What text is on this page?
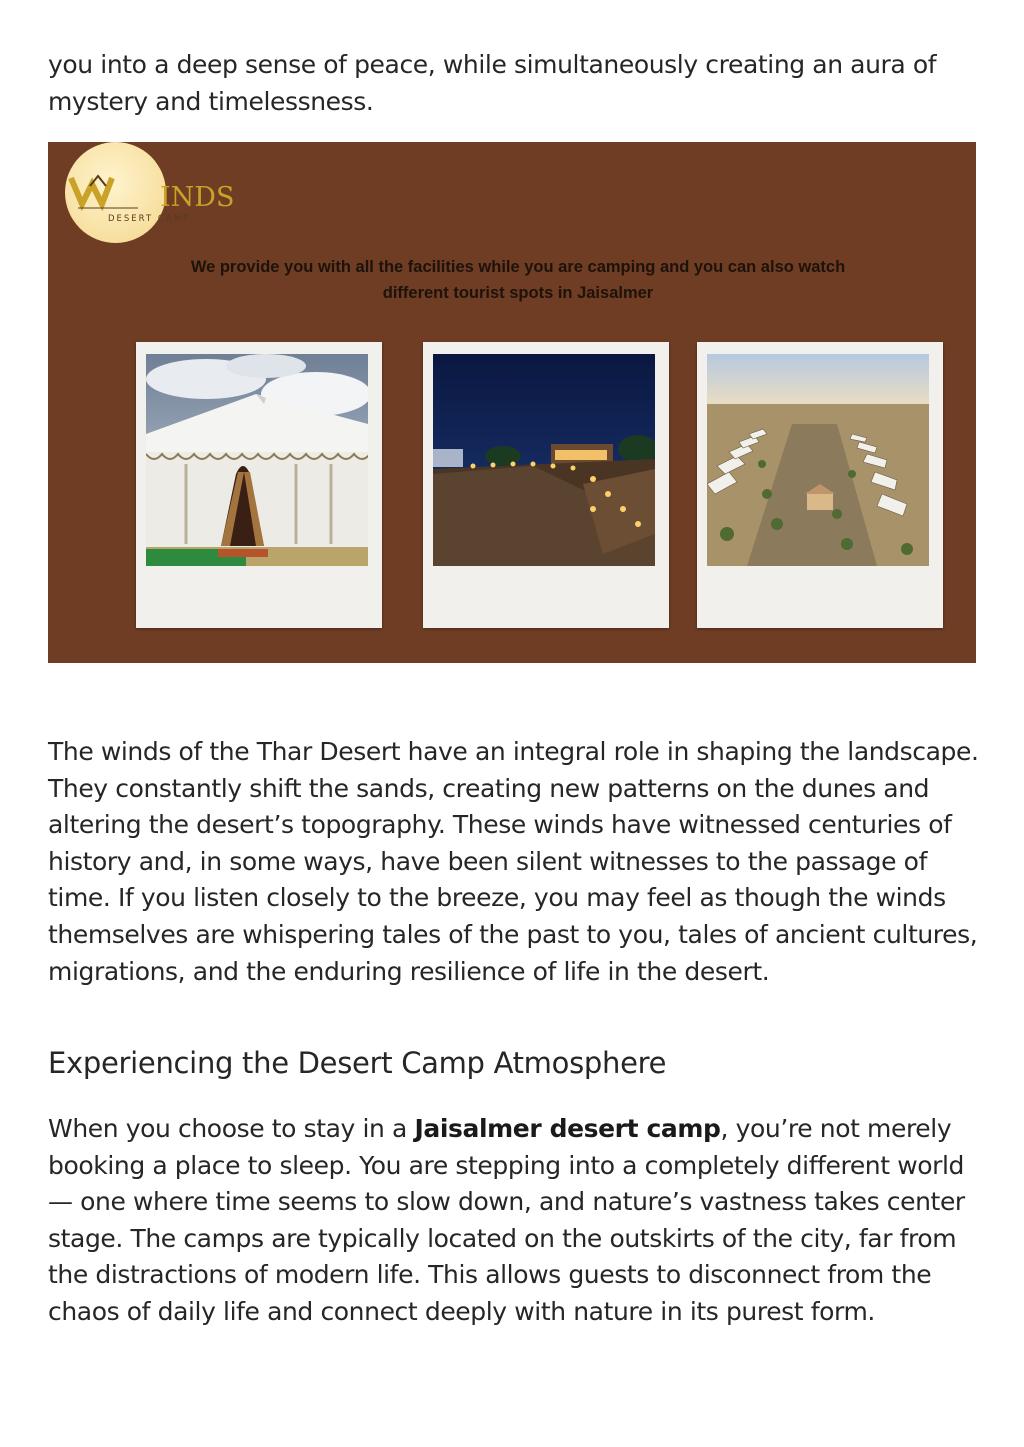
you into a deep sense of peace, while simultaneously creating an aura of mystery and timelessness.

INDS
DESERT CAMP
We provide you with all the facilities while you are camping and you can also watch different tourist spots in Jaisalmer

The winds of the Thar Desert have an integral role in shaping the landscape. They constantly shift the sands, creating new patterns on the dunes and altering the desert’s topography. These winds have witnessed centuries of history and, in some ways, have been silent witnesses to the passage of time. If you listen closely to the breeze, you may feel as though the winds themselves are whispering tales of the past to you, tales of ancient cultures, migrations, and the enduring resilience of life in the desert.

Experiencing the Desert Camp Atmosphere

When you choose to stay in a Jaisalmer desert camp, you’re not merely booking a place to sleep. You are stepping into a completely different world — one where time seems to slow down, and nature’s vastness takes center stage. The camps are typically located on the outskirts of the city, far from the distractions of modern life. This allows guests to disconnect from the chaos of daily life and connect deeply with nature in its purest form.
